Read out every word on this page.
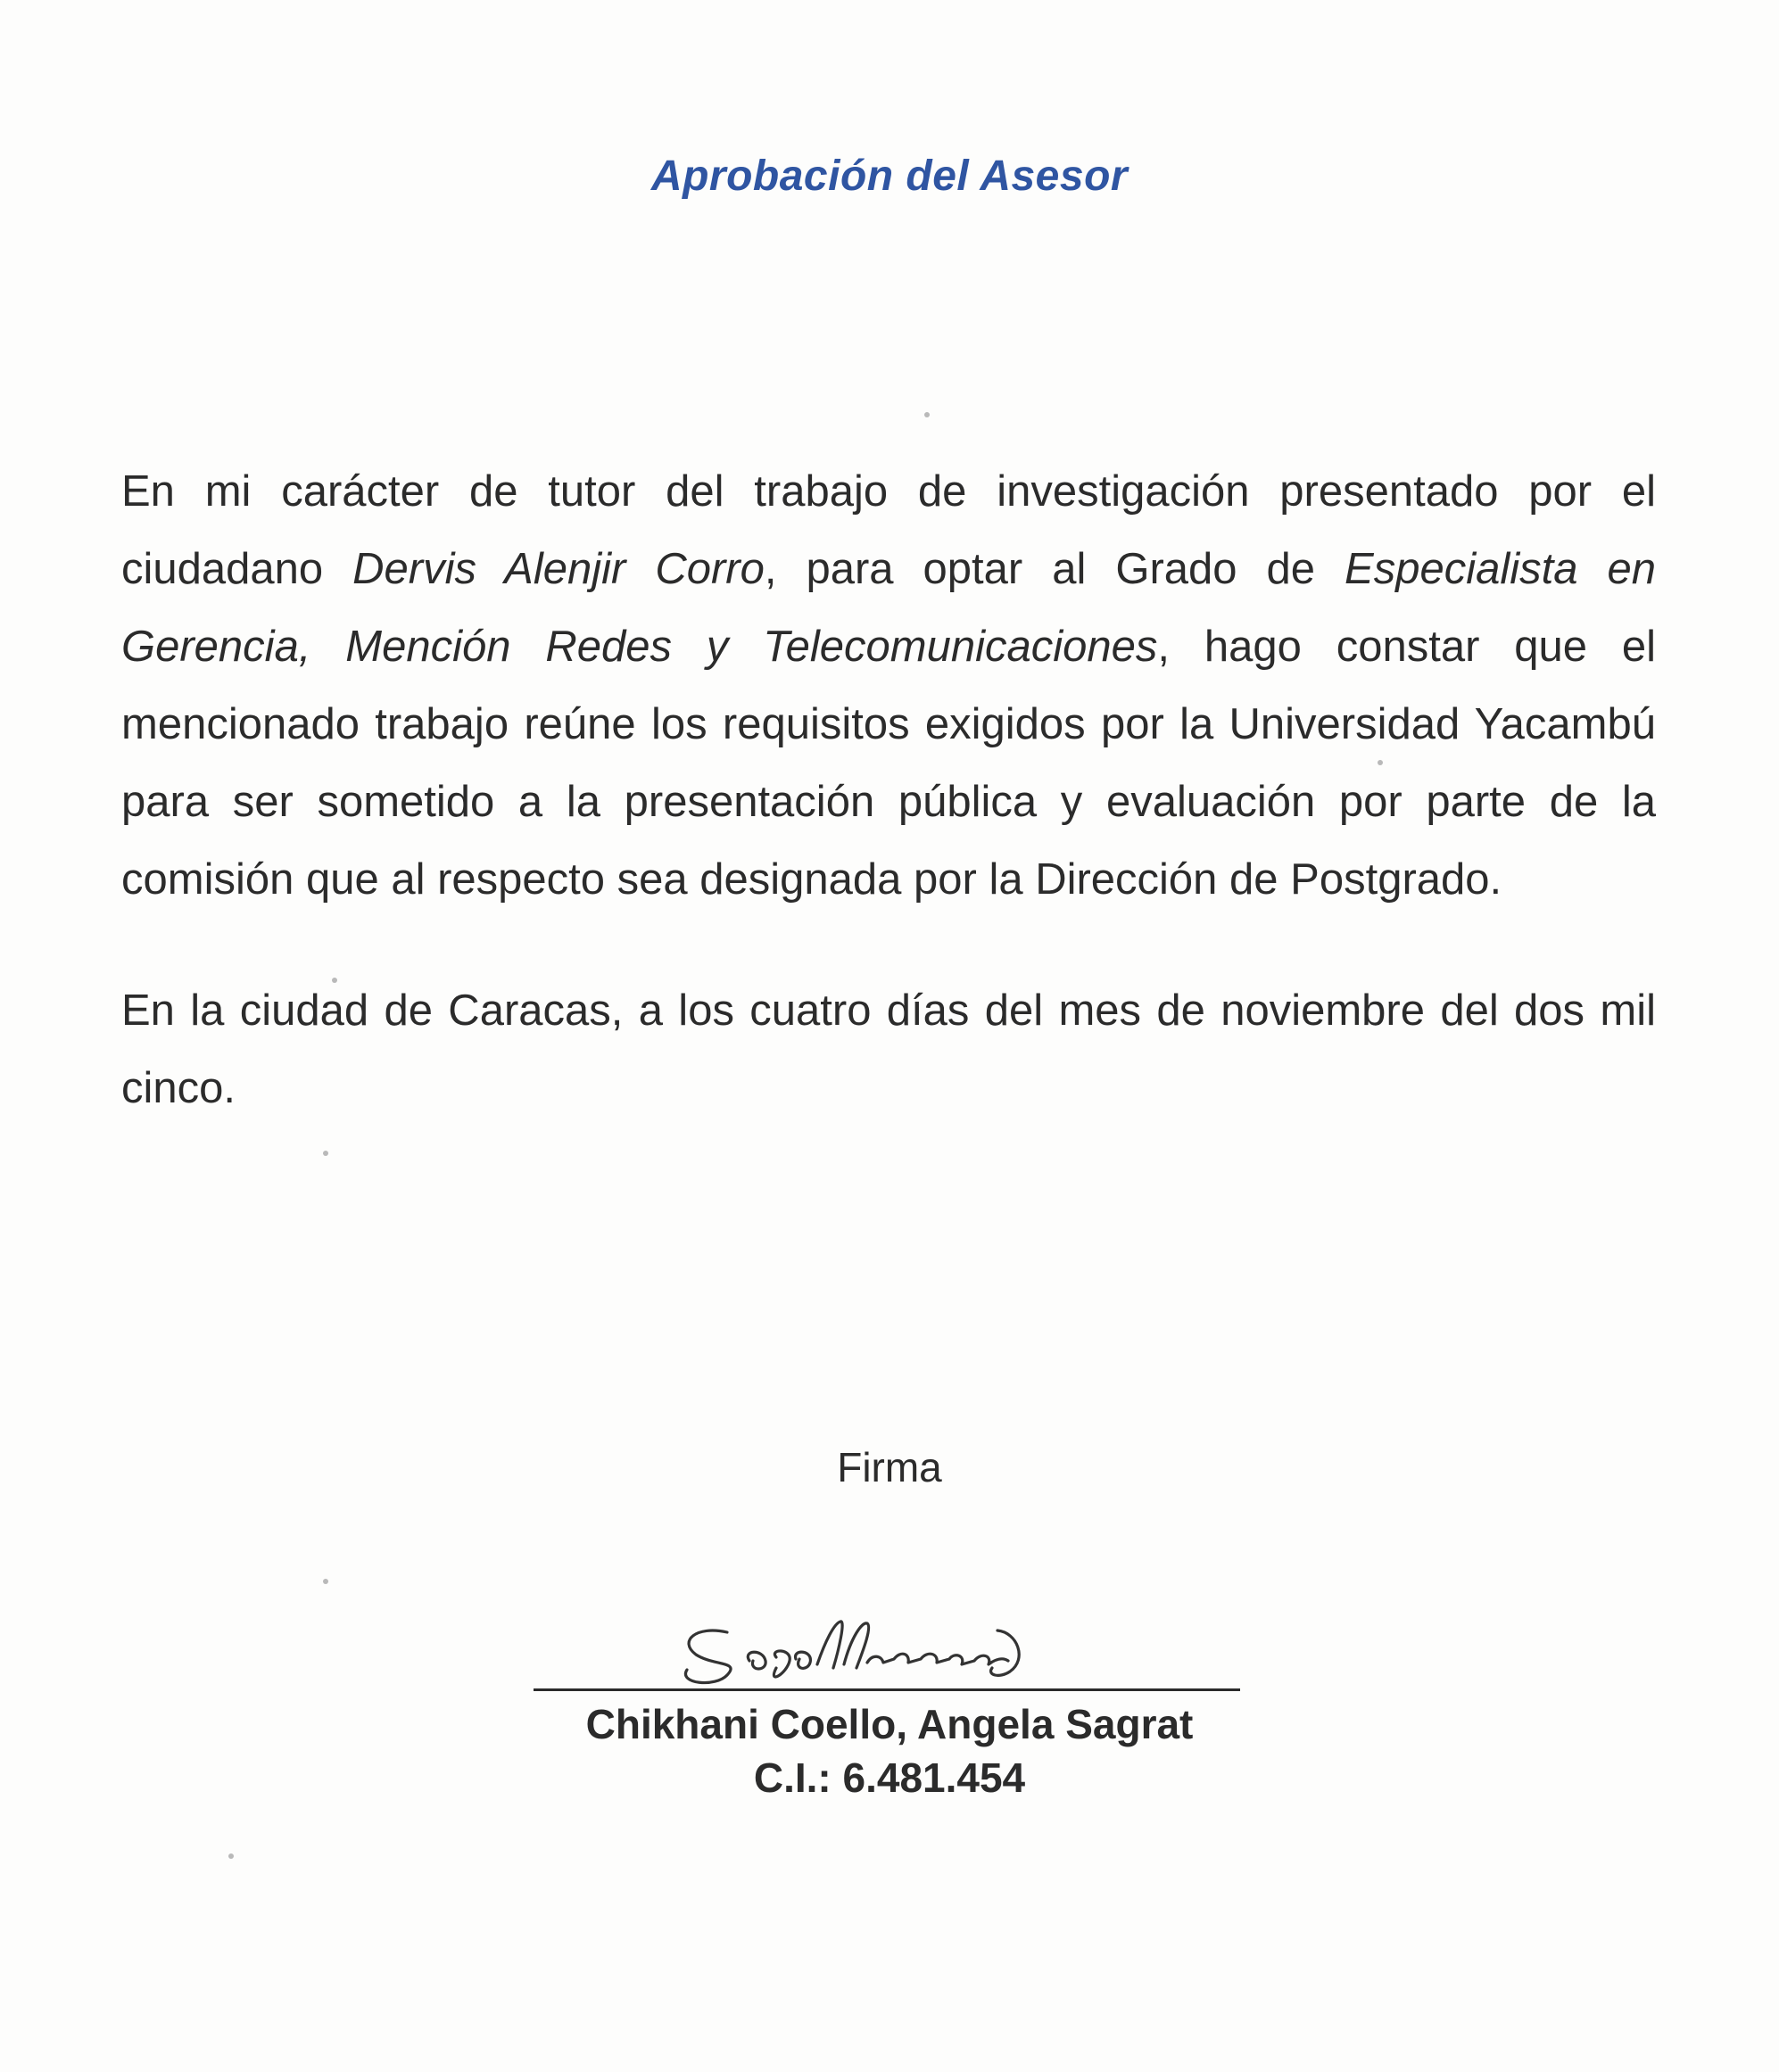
Aprobación del Asesor
En mi carácter de tutor del trabajo de investigación presentado por el ciudadano Dervis Alenjir Corro, para optar al Grado de Especialista en Gerencia, Mención Redes y Telecomunicaciones, hago constar que el mencionado trabajo reúne los requisitos exigidos por la Universidad Yacambú para ser sometido a la presentación pública y evaluación por parte de la comisión que al respecto sea designada por la Dirección de Postgrado.
En la ciudad de Caracas, a los cuatro días del mes de noviembre del dos mil cinco.
Firma
Chikhani Coello, Angela Sagrat
C.I.: 6.481.454
